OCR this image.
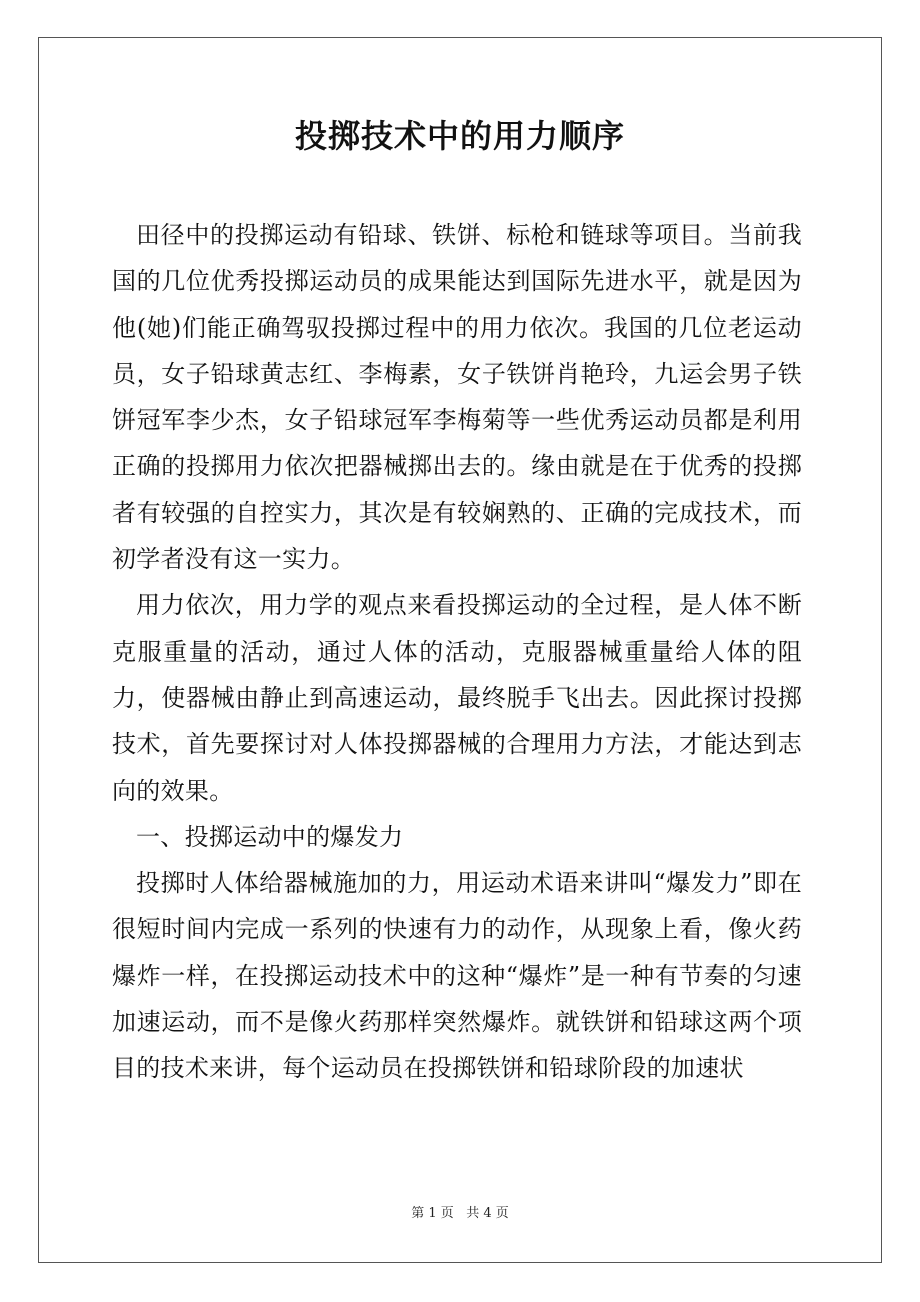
投掷技术中的用力顺序

田径中的投掷运动有铅球、铁饼、标枪和链球等项目。当前我国的几位优秀投掷运动员的成果能达到国际先进水平，就是因为他(她)们能正确驾驭投掷过程中的用力依次。我国的几位老运动员，女子铅球黄志红、李梅素，女子铁饼肖艳玲，九运会男子铁饼冠军李少杰，女子铅球冠军李梅菊等一些优秀运动员都是利用正确的投掷用力依次把器械掷出去的。缘由就是在于优秀的投掷者有较强的自控实力，其次是有较娴熟的、正确的完成技术，而初学者没有这一实力。

用力依次，用力学的观点来看投掷运动的全过程，是人体不断克服重量的活动，通过人体的活动，克服器械重量给人体的阻力，使器械由静止到高速运动，最终脱手飞出去。因此探讨投掷技术，首先要探讨对人体投掷器械的合理用力方法，才能达到志向的效果。

一、投掷运动中的爆发力

投掷时人体给器械施加的力，用运动术语来讲叫“爆发力”即在很短时间内完成一系列的快速有力的动作，从现象上看，像火药爆炸一样，在投掷运动技术中的这种“爆炸”是一种有节奏的匀速加速运动，而不是像火药那样突然爆炸。就铁饼和铅球这两个项目的技术来讲，每个运动员在投掷铁饼和铅球阶段的加速状

第 1 页 共 4 页
